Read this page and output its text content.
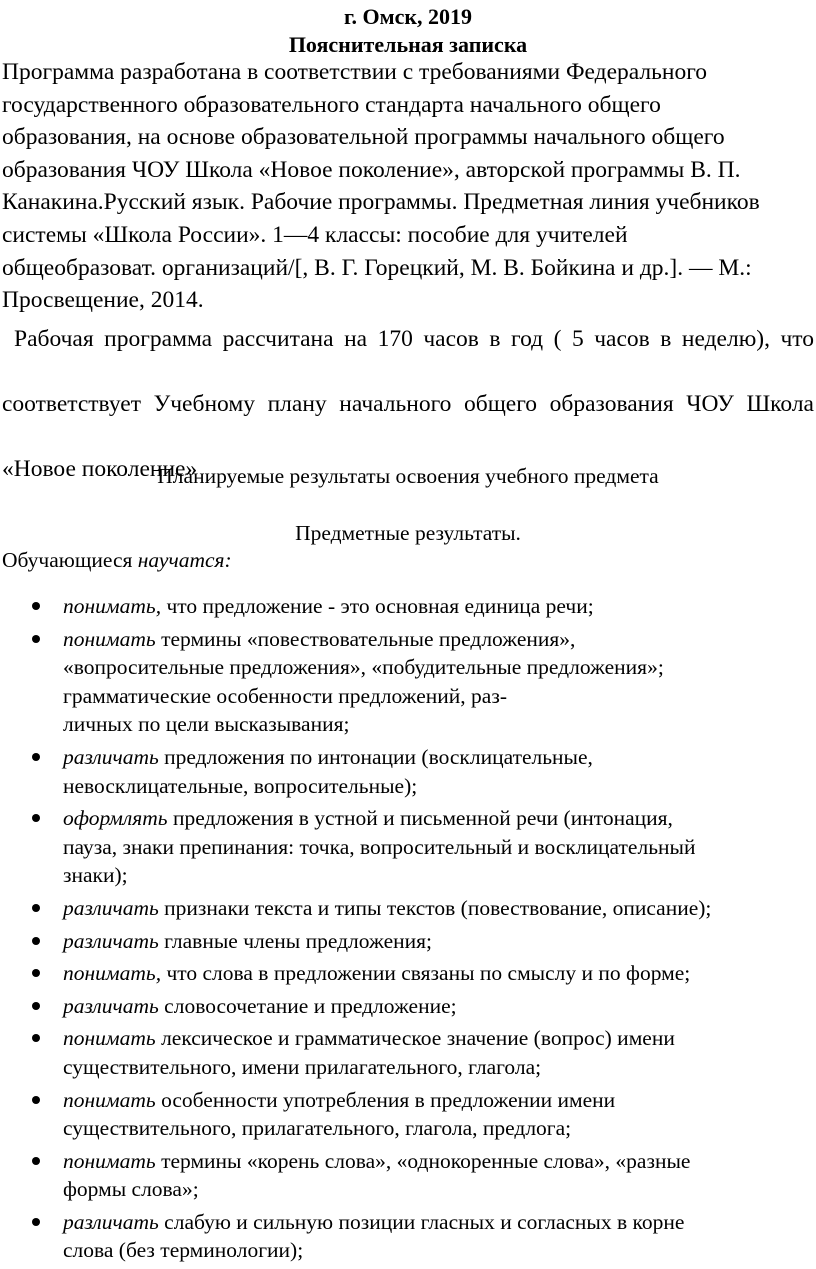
г. Омск, 2019
Пояснительная записка
Программа разработана в соответствии с требованиями Федерального
государственного образовательного стандарта начального общего
образования, на основе образовательной программы начального общего
образования ЧОУ Школа «Новое поколение», авторской программы В. П.
Канакина.Русский язык. Рабочие программы. Предметная линия учебников
системы «Школа России». 1—4 классы: пособие для учителей
общеобразоват. организаций/[, В. Г. Горецкий, М. В. Бойкина и др.]. — М.:
Просвещение, 2014.
Рабочая программа рассчитана на 170 часов в год ( 5 часов в неделю), что
соответствует Учебному плану начального общего образования ЧОУ Школа
«Новое поколение»
Планируемые результаты освоения учебного предмета
Предметные результаты.
Обучающиеся научатся:
понимать, что предложение - это основная единица речи;
понимать термины «повествовательные предложения»,
«вопросительные предложения», «побудительные предложения»;
грамматические особенности предложений, раз-
личных по цели высказывания;
различать предложения по интонации (восклицательные,
невосклицательные, вопросительные);
оформлять предложения в устной и письменной речи (интонация,
пауза, знаки препинания: точка, вопросительный и восклицательный
знаки);
различать признаки текста и типы текстов (повествование, описание);
различать главные члены предложения;
понимать, что слова в предложении связаны по смыслу и по форме;
различать словосочетание и предложение;
понимать лексическое и грамматическое значение (вопрос) имени
существительного, имени прилагательного, глагола;
понимать особенности употребления в предложении имени
существительного, прилагательного, глагола, предлога;
понимать термины «корень слова», «однокоренные слова», «разные
формы слова»;
различать слабую и сильную позиции гласных и согласных в корне
слова (без терминологии);
